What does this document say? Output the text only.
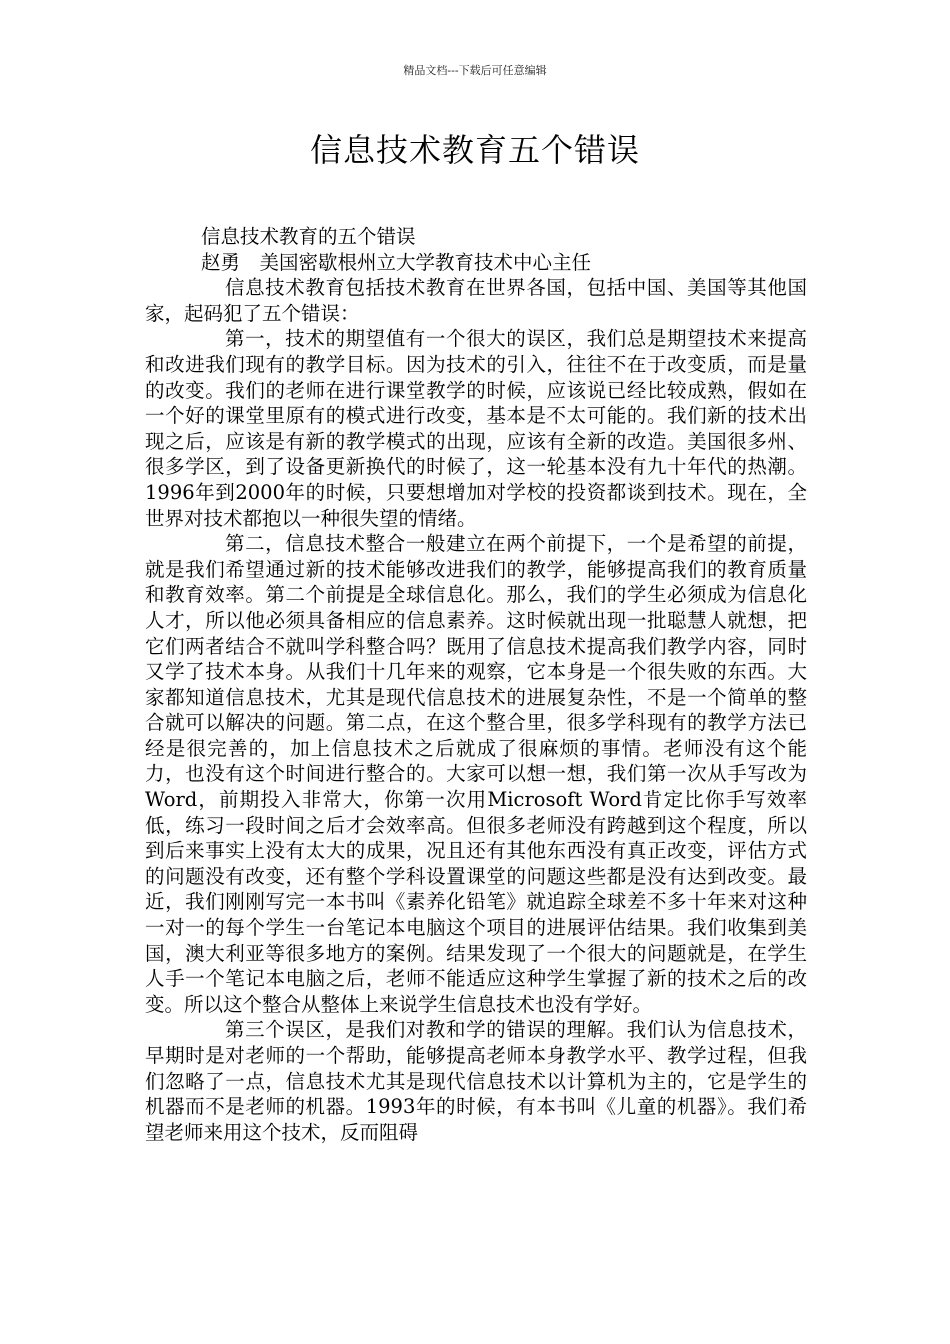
精品文档---下载后可任意编辑
信息技术教育五个错误

信息技术教育的五个错误

赵勇　美国密歇根州立大学教育技术中心主任

信息技术教育包括技术教育在世界各国，包括中国、美国等其他国家，起码犯了五个错误：

第一，技术的期望值有一个很大的误区，我们总是期望技术来提高和改进我们现有的教学目标。因为技术的引入，往往不在于改变质，而是量的改变。我们的老师在进行课堂教学的时候，应该说已经比较成熟，假如在一个好的课堂里原有的模式进行改变，基本是不太可能的。我们新的技术出现之后，应该是有新的教学模式的出现，应该有全新的改造。美国很多州、很多学区，到了设备更新换代的时候了，这一轮基本没有九十年代的热潮。1996年到2000年的时候，只要想增加对学校的投资都谈到技术。现在，全世界对技术都抱以一种很失望的情绪。

第二，信息技术整合一般建立在两个前提下，一个是希望的前提，就是我们希望通过新的技术能够改进我们的教学，能够提高我们的教育质量和教育效率。第二个前提是全球信息化。那么，我们的学生必须成为信息化人才，所以他必须具备相应的信息素养。这时候就出现一批聪慧人就想，把它们两者结合不就叫学科整合吗？既用了信息技术提高我们教学内容，同时又学了技术本身。从我们十几年来的观察，它本身是一个很失败的东西。大家都知道信息技术，尤其是现代信息技术的进展复杂性，不是一个简单的整合就可以解决的问题。第二点，在这个整合里，很多学科现有的教学方法已经是很完善的，加上信息技术之后就成了很麻烦的事情。老师没有这个能力，也没有这个时间进行整合的。大家可以想一想，我们第一次从手写改为Word，前期投入非常大，你第一次用Microsoft Word肯定比你手写效率低，练习一段时间之后才会效率高。但很多老师没有跨越到这个程度，所以到后来事实上没有太大的成果，况且还有其他东西没有真正改变，评估方式的问题没有改变，还有整个学科设置课堂的问题这些都是没有达到改变。最近，我们刚刚写完一本书叫《素养化铅笔》就追踪全球差不多十年来对这种一对一的每个学生一台笔记本电脑这个项目的进展评估结果。我们收集到美国，澳大利亚等很多地方的案例。结果发现了一个很大的问题就是，在学生人手一个笔记本电脑之后，老师不能适应这种学生掌握了新的技术之后的改变。所以这个整合从整体上来说学生信息技术也没有学好。

第三个误区，是我们对教和学的错误的理解。我们认为信息技术，早期时是对老师的一个帮助，能够提高老师本身教学水平、教学过程，但我们忽略了一点，信息技术尤其是现代信息技术以计算机为主的，它是学生的机器而不是老师的机器。1993年的时候，有本书叫《儿童的机器》。我们希望老师来用这个技术，反而阻碍
